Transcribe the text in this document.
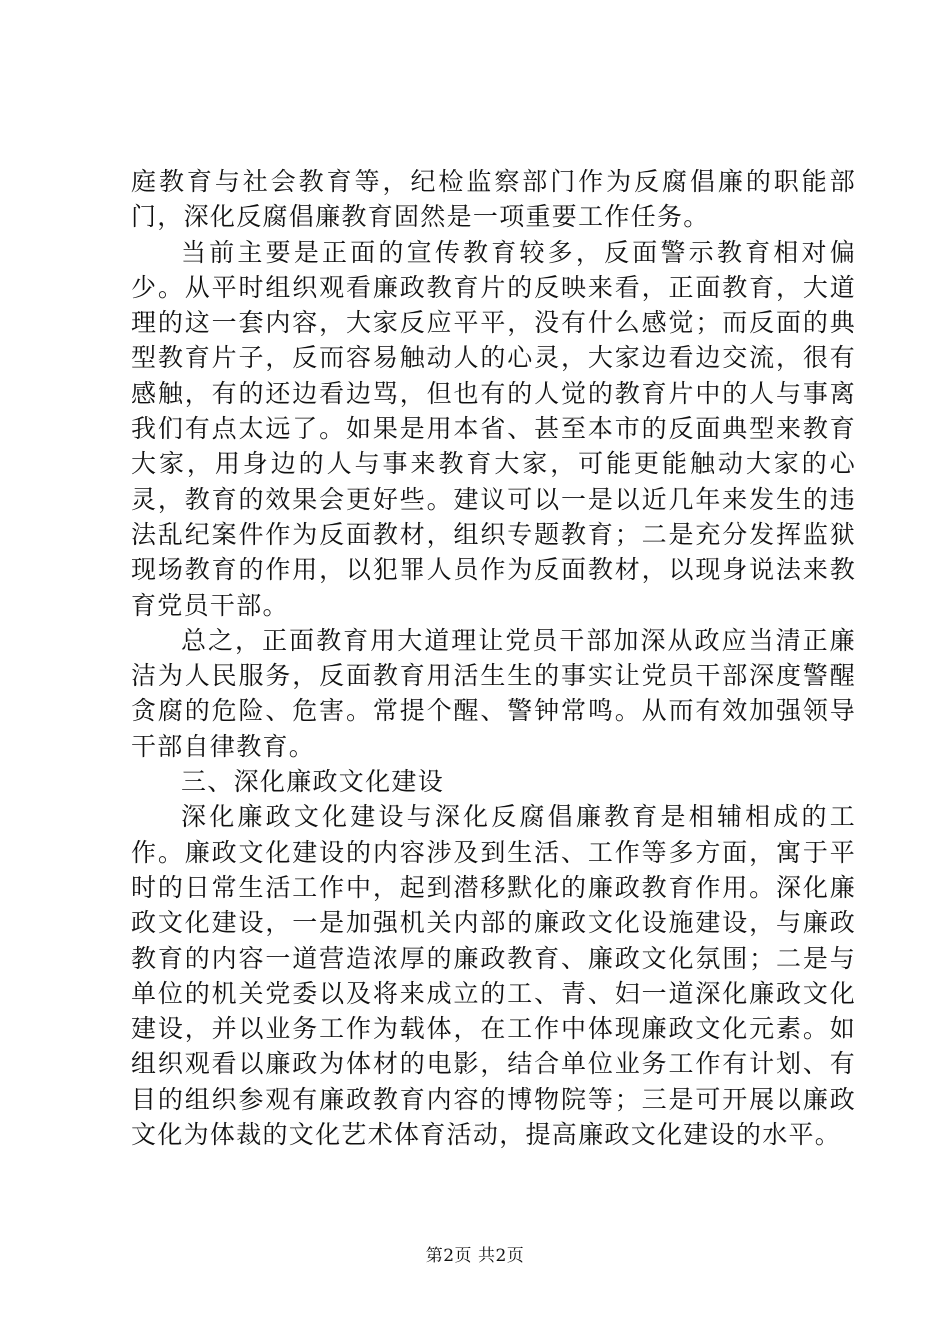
庭教育与社会教育等，纪检监察部门作为反腐倡廉的职能部门，深化反腐倡廉教育固然是一项重要工作任务。

当前主要是正面的宣传教育较多，反面警示教育相对偏少。从平时组织观看廉政教育片的反映来看，正面教育，大道理的这一套内容，大家反应平平，没有什么感觉；而反面的典型教育片子，反而容易触动人的心灵，大家边看边交流，很有感触，有的还边看边骂，但也有的人觉的教育片中的人与事离我们有点太远了。如果是用本省、甚至本市的反面典型来教育大家，用身边的人与事来教育大家，可能更能触动大家的心灵，教育的效果会更好些。建议可以一是以近几年来发生的违法乱纪案件作为反面教材，组织专题教育；二是充分发挥监狱现场教育的作用，以犯罪人员作为反面教材，以现身说法来教育党员干部。

总之，正面教育用大道理让党员干部加深从政应当清正廉洁为人民服务，反面教育用活生生的事实让党员干部深度警醒贪腐的危险、危害。常提个醒、警钟常鸣。从而有效加强领导干部自律教育。

三、深化廉政文化建设

深化廉政文化建设与深化反腐倡廉教育是相辅相成的工作。廉政文化建设的内容涉及到生活、工作等多方面，寓于平时的日常生活工作中，起到潜移默化的廉政教育作用。深化廉政文化建设，一是加强机关内部的廉政文化设施建设，与廉政教育的内容一道营造浓厚的廉政教育、廉政文化氛围；二是与单位的机关党委以及将来成立的工、青、妇一道深化廉政文化建设，并以业务工作为载体，在工作中体现廉政文化元素。如组织观看以廉政为体材的电影，结合单位业务工作有计划、有目的组织参观有廉政教育内容的博物院等；三是可开展以廉政文化为体裁的文化艺术体育活动，提高廉政文化建设的水平。

第2页 共2页
